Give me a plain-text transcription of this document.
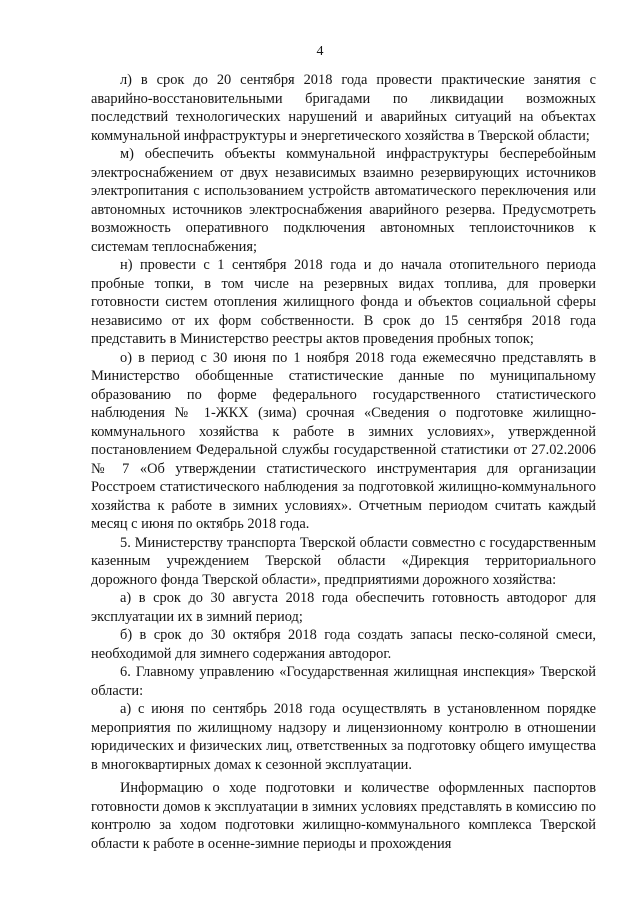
4

л) в срок до 20 сентября 2018 года провести практические занятия с аварийно-восстановительными бригадами по ликвидации возможных последствий технологических нарушений и аварийных ситуаций на объектах коммунальной инфраструктуры и энергетического хозяйства в Тверской области;

м) обеспечить объекты коммунальной инфраструктуры бесперебойным электроснабжением от двух независимых взаимно резервирующих источников электропитания с использованием устройств автоматического переключения или автономных источников электроснабжения аварийного резерва. Предусмотреть возможность оперативного подключения автономных теплоисточников к системам теплоснабжения;

н) провести с 1 сентября 2018 года и до начала отопительного периода пробные топки, в том числе на резервных видах топлива, для проверки готовности систем отопления жилищного фонда и объектов социальной сферы независимо от их форм собственности. В срок до 15 сентября 2018 года представить в Министерство реестры актов проведения пробных топок;

о) в период с 30 июня по 1 ноября 2018 года ежемесячно представлять в Министерство обобщенные статистические данные по муниципальному образованию по форме федерального государственного статистического наблюдения № 1-ЖКХ (зима) срочная «Сведения о подготовке жилищно-коммунального хозяйства к работе в зимних условиях», утвержденной постановлением Федеральной службы государственной статистики от 27.02.2006 № 7 «Об утверждении статистического инструментария для организации Росстроем статистического наблюдения за подготовкой жилищно-коммунального хозяйства к работе в зимних условиях». Отчетным периодом считать каждый месяц с июня по октябрь 2018 года.

5. Министерству транспорта Тверской области совместно с государственным казенным учреждением Тверской области «Дирекция территориального дорожного фонда Тверской области», предприятиями дорожного хозяйства:

а) в срок до 30 августа 2018 года обеспечить готовность автодорог для эксплуатации их в зимний период;

б) в срок до 30 октября 2018 года создать запасы песко-соляной смеси, необходимой для зимнего содержания автодорог.

6. Главному управлению «Государственная жилищная инспекция» Тверской области:

а) с июня по сентябрь 2018 года осуществлять в установленном порядке мероприятия по жилищному надзору и лицензионному контролю в отношении юридических и физических лиц, ответственных за подготовку общего имущества в многоквартирных домах к сезонной эксплуатации.

Информацию о ходе подготовки и количестве оформленных паспортов готовности домов к эксплуатации в зимних условиях представлять в комиссию по контролю за ходом подготовки жилищно-коммунального комплекса Тверской области к работе в осенне-зимние периоды и прохождения
